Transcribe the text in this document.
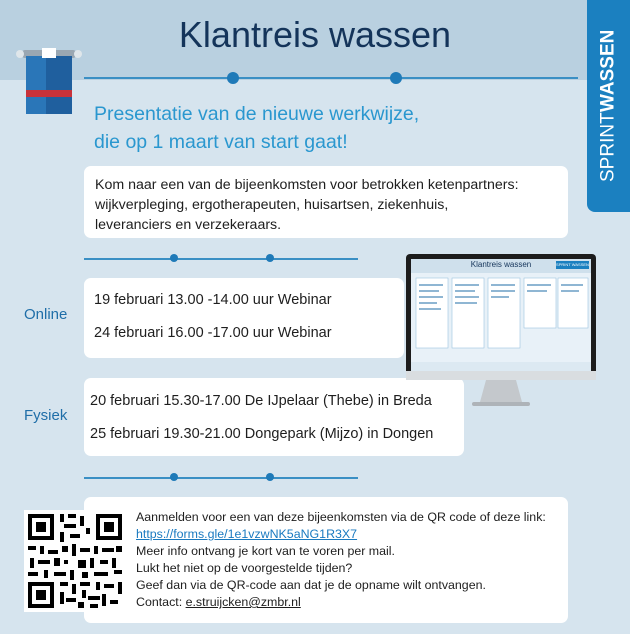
Klantreis wassen
SPRINT
WASSEN
Presentatie van de nieuwe werkwijze,
die op 1 maart van start gaat!
Kom naar een van de bijeenkomsten voor betrokken ketenpartners:
wijkverpleging, ergotherapeuten, huisartsen, ziekenhuis,
leveranciers en verzekeraars.
Online
19 februari 13.00 -14.00 uur Webinar
24 februari 16.00 -17.00 uur Webinar
Fysiek
20 februari 15.30-17.00 De IJpelaar (Thebe) in Breda
25 februari 19.30-21.00 Dongepark (Mijzo) in Dongen
Klantreis wassen	SPRINT WASSEN
Aanmelden voor een van deze bijeenkomsten via de QR code of deze link:
https://forms.gle/1e1vzwNK5aNG1R3X7
Meer info ontvang je kort van te voren per mail.
Lukt het niet op de voorgestelde tijden?
Geef dan via de QR-code aan dat je de opname wilt ontvangen.
Contact: e.struijcken@zmbr.nl
